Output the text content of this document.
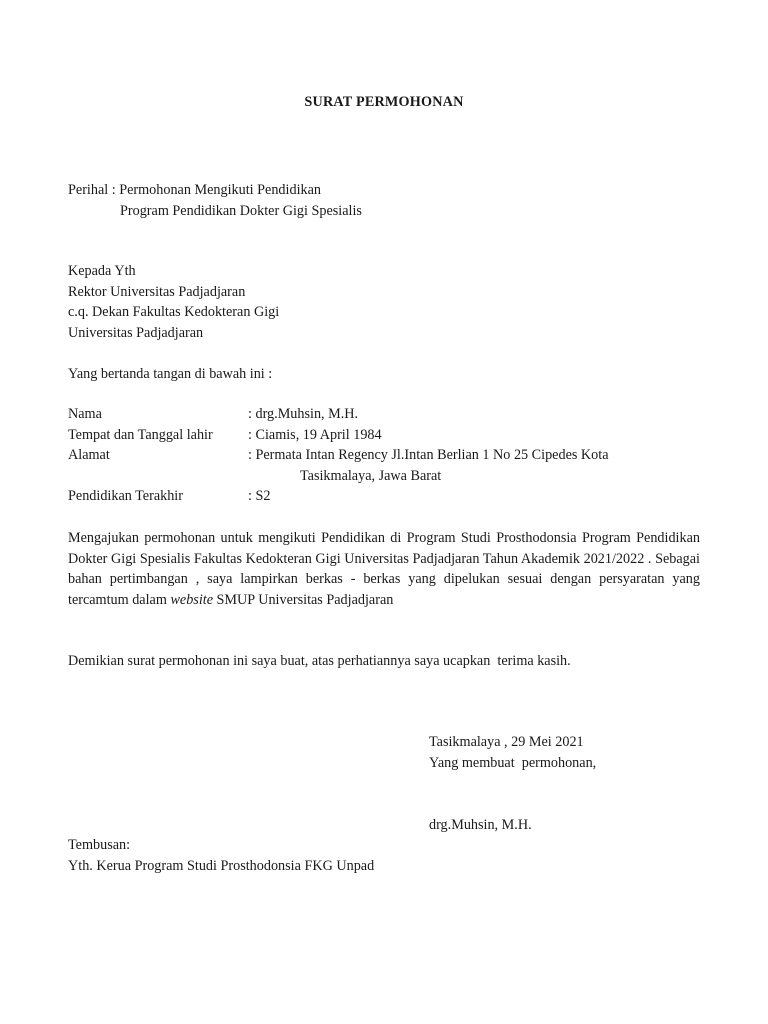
SURAT PERMOHONAN
Perihal : Permohonan Mengikuti Pendidikan
Program Pendidikan Dokter Gigi Spesialis
Kepada Yth
Rektor Universitas Padjadjaran
c.q. Dekan Fakultas Kedokteran Gigi
Universitas Padjadjaran
Yang bertanda tangan di bawah ini :
Nama	: drg.Muhsin, M.H.
Tempat dan Tanggal lahir : Ciamis, 19 April 1984
Alamat	: Permata Intan Regency Jl.Intan Berlian 1 No 25 Cipedes Kota
Tasikmalaya, Jawa Barat
Pendidikan Terakhir	: S2
Mengajukan permohonan untuk mengikuti Pendidikan di Program Studi Prosthodonsia Program Pendidikan Dokter Gigi Spesialis Fakultas Kedokteran Gigi Universitas Padjadjaran Tahun Akademik 2021/2022 . Sebagai bahan pertimbangan , saya lampirkan berkas - berkas yang dipelukan sesuai dengan persyaratan yang tercamtum dalam website SMUP Universitas Padjadjaran
Demikian surat permohonan ini saya buat, atas perhatiannya saya ucapkan  terima kasih.
Tasikmalaya , 29 Mei 2021
Yang membuat  permohonan,
drg.Muhsin, M.H.
Tembusan:
Yth. Kerua Program Studi Prosthodonsia FKG Unpad
